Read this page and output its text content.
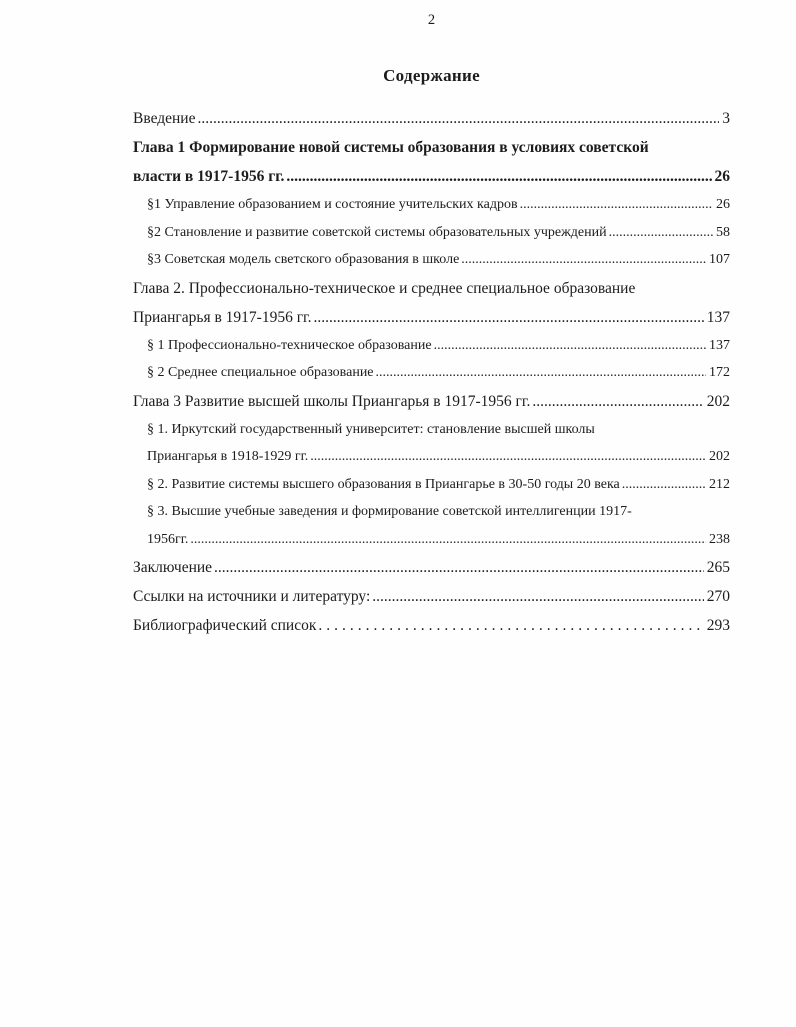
2
Содержание
Введение .....	3
Глава 1 Формирование новой системы образования в условиях советской
власти в 1917-1956 гг. .....	26
§1 Управление образованием и состояние учительских кадров .....	26
§2 Становление и развитие советской системы образовательных учреждений .....	58
§3 Советская модель светского образования в школе .....	107
Глава 2. Профессионально-техническое и среднее специальное образование
Приангарья в 1917-1956 гг. .....	137
§ 1 Профессионально-техническое образование .....	137
§ 2 Среднее специальное образование .....	172
Глава 3 Развитие высшей школы Приангарья в 1917-1956 гг. .....	202
§ 1. Иркутский государственный университет: становление высшей школы
Приангарья в 1918-1929 гг. .....	202
§ 2. Развитие системы высшего образования в Приангарье в 30-50 годы 20 века .....	212
§ 3. Высшие учебные заведения и формирование советской интеллигенции 1917-
1956гг. .....	238
Заключение .....	265
Ссылки на источники и литературу: .....	270
Библиографический список .....	293
